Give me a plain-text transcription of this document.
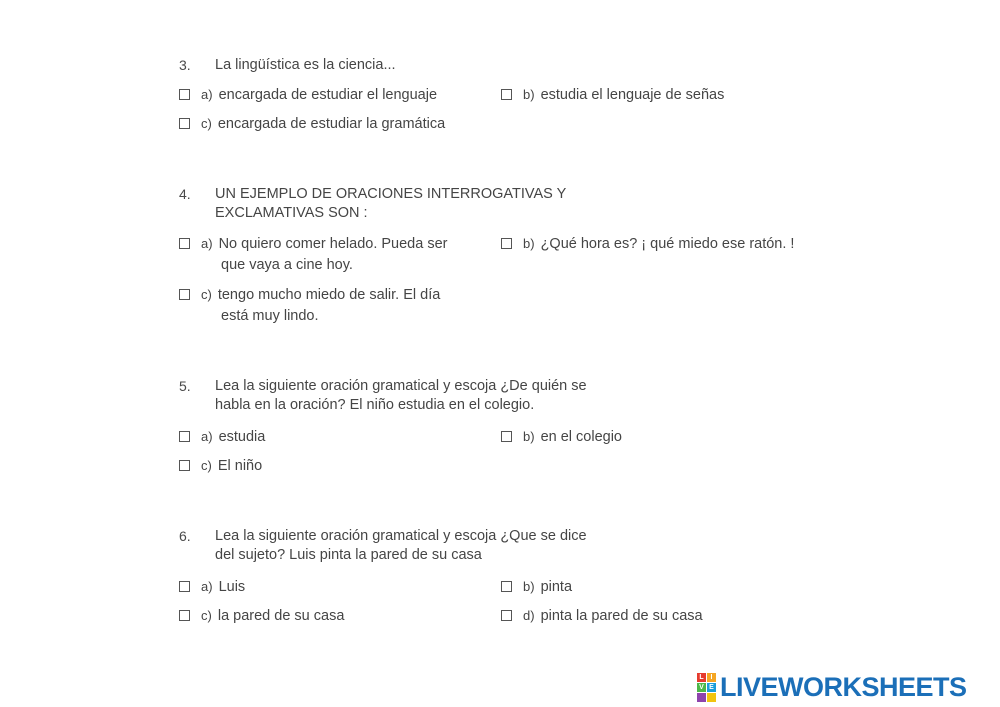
3. La lingüística es la ciencia...
a) encargada de estudiar el lenguaje	b) estudia el lenguaje de señas
c) encargada de estudiar la gramática
4. UN EJEMPLO DE ORACIONES INTERROGATIVAS Y
EXCLAMATIVAS SON :
a) No quiero comer helado. Pueda ser
que vaya a cine hoy.
b) ¿Qué hora es? ¡ qué miedo ese ratón. !
c) tengo mucho miedo de salir. El día
está muy lindo.
5. Lea la siguiente oración gramatical y escoja ¿De quién se
habla en la oración? El niño estudia en el colegio.
a) estudia	b) en el colegio
c) El niño
6. Lea la siguiente oración gramatical y escoja ¿Que se dice
del sujeto? Luis pinta la pared de su casa
a) Luis	b) pinta
c) la pared de su casa	d) pinta la pared de su casa
L I
V E LIVEWORKSHEETS
